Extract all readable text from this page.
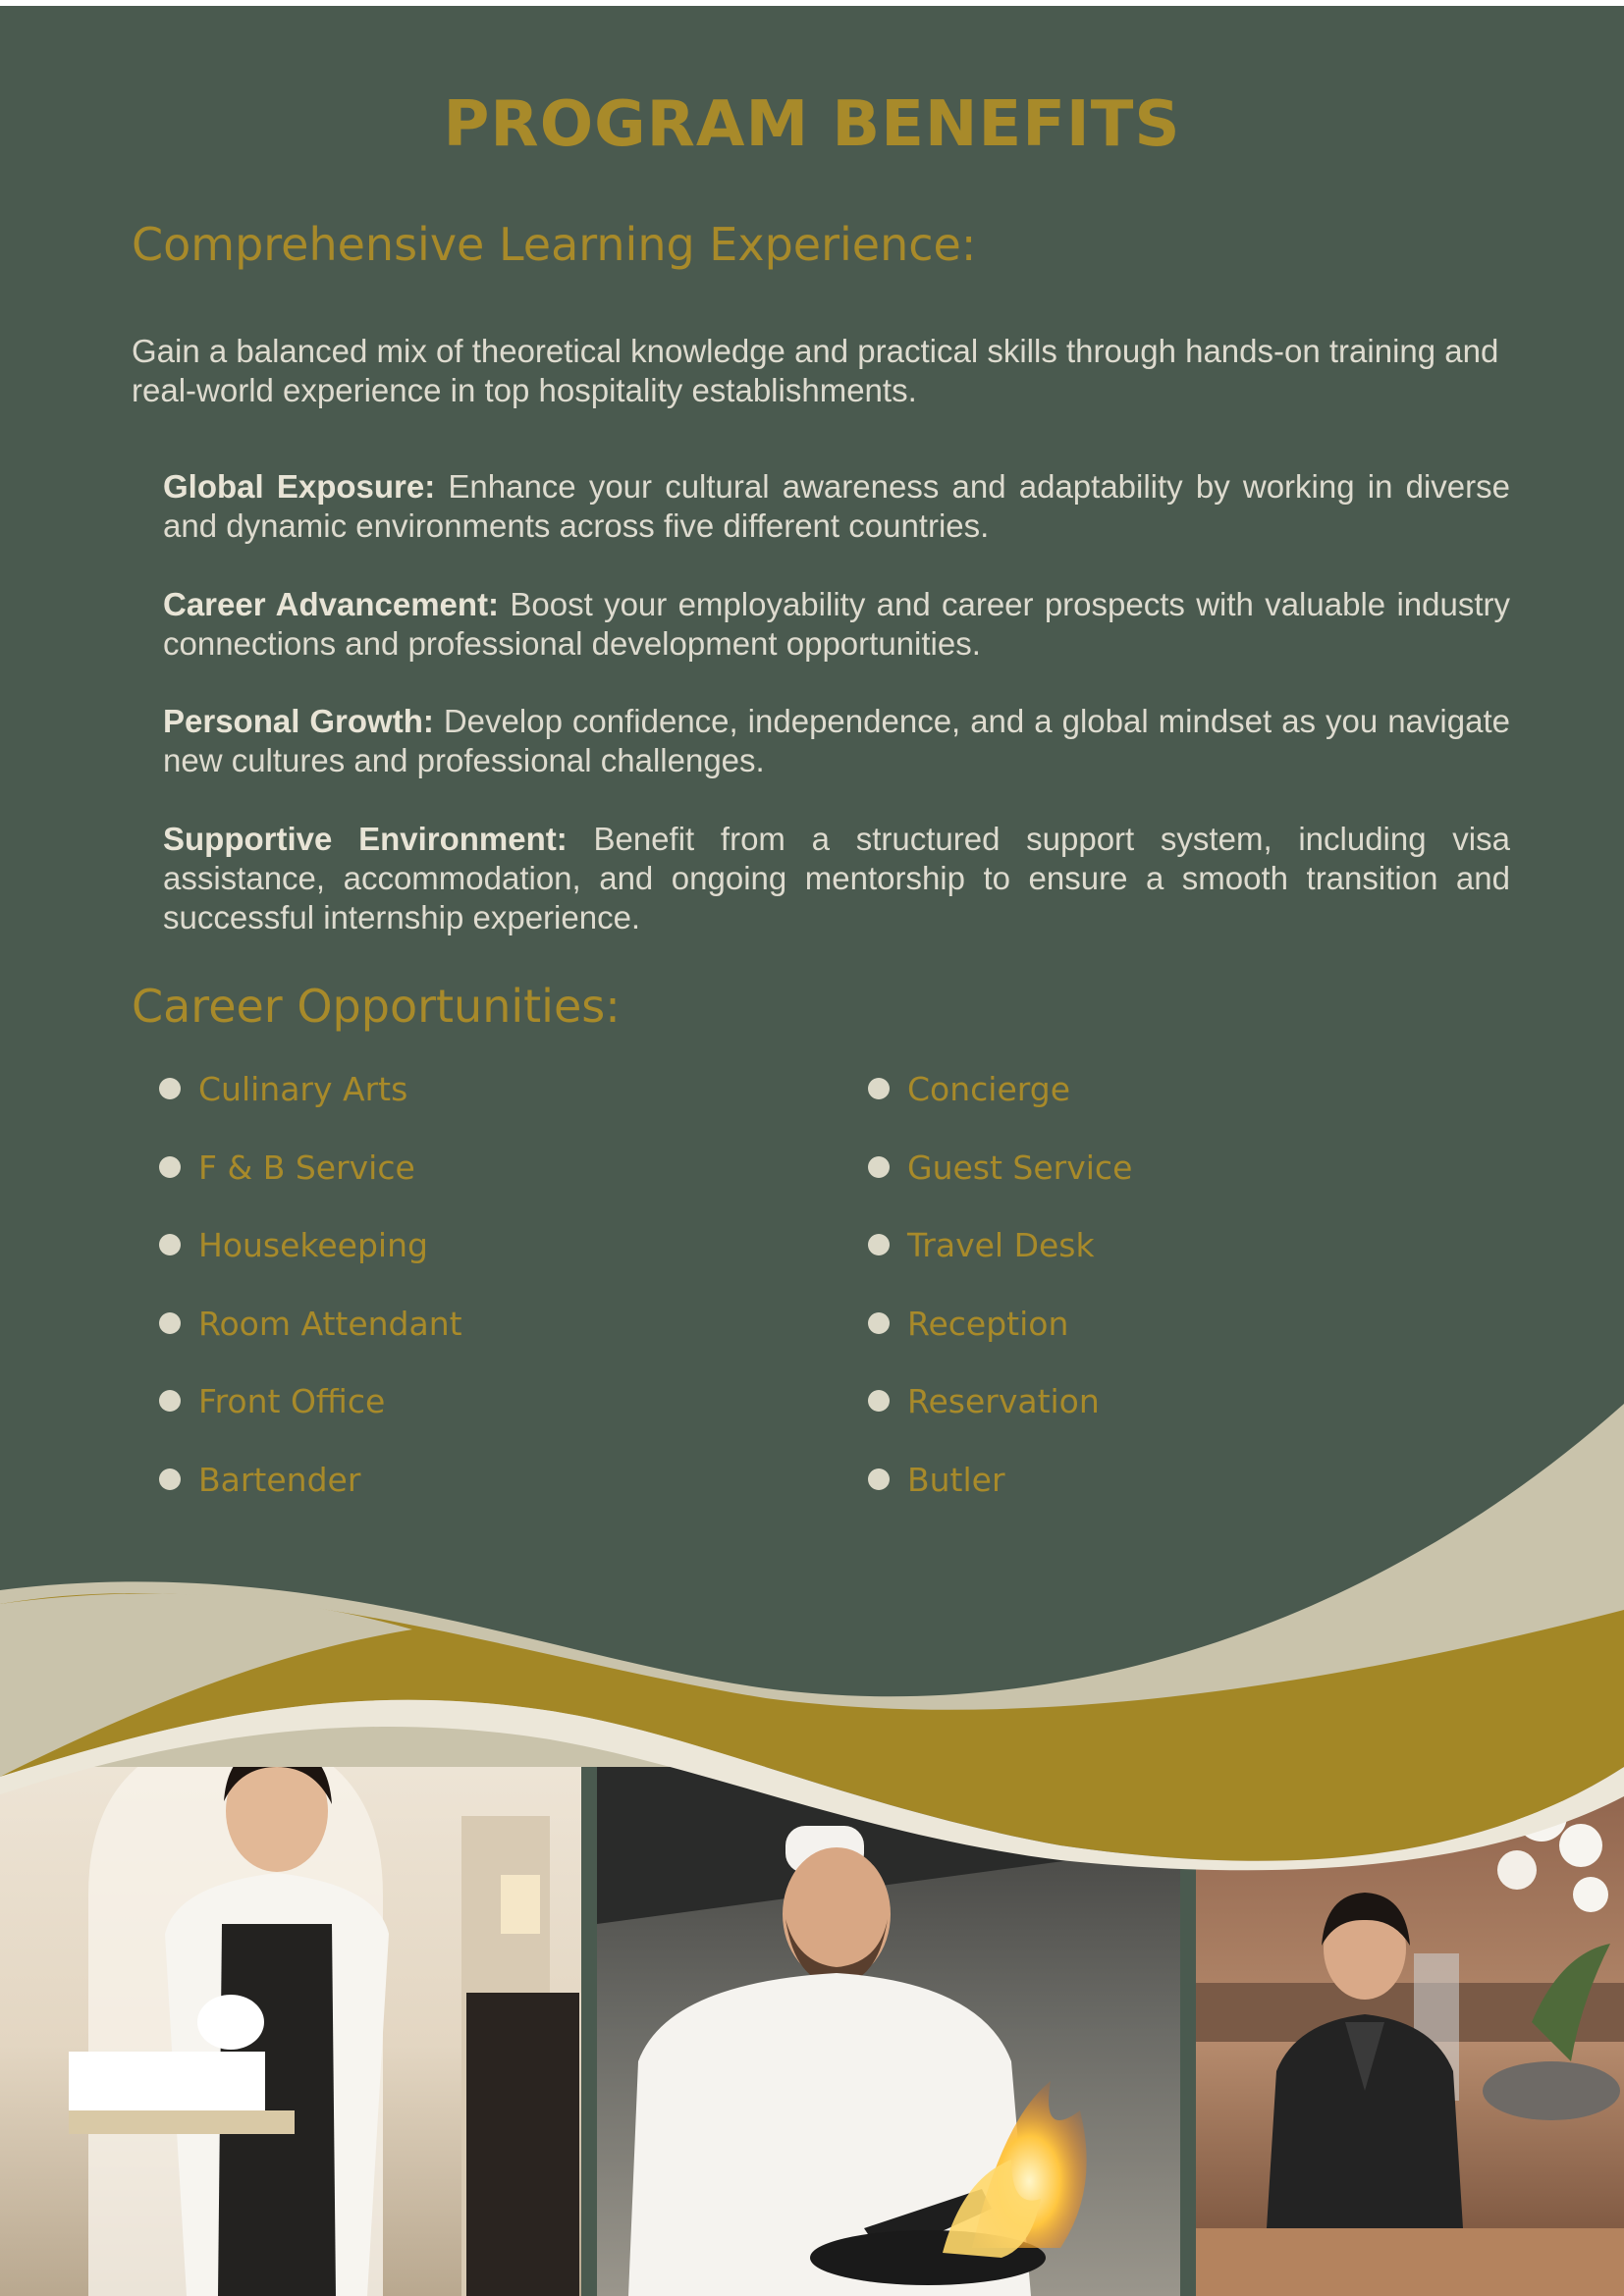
PROGRAM BENEFITS
Comprehensive Learning Experience:

Gain a balanced mix of theoretical knowledge and practical skills through hands-on training and real-world experience in top hospitality establishments.

Global Exposure: Enhance your cultural awareness and adaptability by working in diverse and dynamic environments across five different countries.

Career Advancement: Boost your employability and career prospects with valuable industry connections and professional development opportunities.

Personal Growth: Develop confidence, independence, and a global mindset as you navigate new cultures and professional challenges.

Supportive Environment: Benefit from a structured support system, including visa assistance, accommodation, and ongoing mentorship to ensure a smooth transition and successful internship experience.

Career Opportunities:
Culinary Arts
F & B Service
Housekeeping
Room Attendant
Front Office
Bartender
Concierge
Guest Service
Travel Desk
Reception
Reservation
Butler
